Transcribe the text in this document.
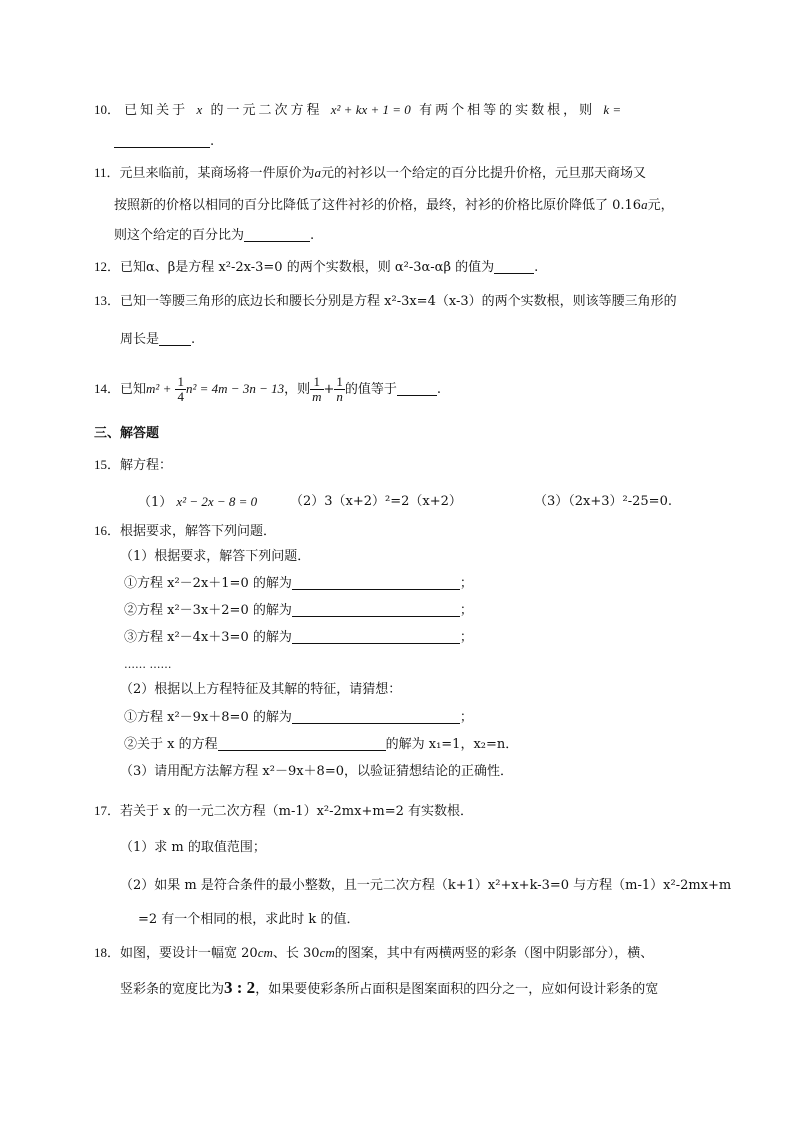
10． 已知关于 x 的一元二次方程 x² + kx + 1 = 0 有两个相等的实数根，则 k =
.
11．元旦来临前，某商场将一件原价为a元的衬衫以一个给定的百分比提升价格，元旦那天商场又
按照新的价格以相同的百分比降低了这件衬衫的价格，最终，衬衫的价格比原价降低了 0.16a元，
则这个给定的百分比为	.
12．已知α、β是方程 x²-2x-3=0 的两个实数根，则 α²-3α-αβ 的值为	.
13．已知一等腰三角形的底边长和腰长分别是方程 x²-3x=4（x-3）的两个实数根，则该等腰三角形的
周长是 .
14．已知$m^2 + \frac{1}{4} n^2 = 4m - 3n - 13$，则 $\frac{1}{m} + \frac{1}{n}$ 的值等于	.
三、解答题
15．解方程：
（1） x² − 2x − 8 = 0	（2）3（x+2）²=2（x+2）	（3）（2x+3）²-25=0.
16．根据要求，解答下列问题．
（1）根据要求，解答下列问题．
①方程 x²－2x＋1=0 的解为	；
②方程 x²－3x＋2=0 的解为	；
③方程 x²－4x＋3=0 的解为	；
…… ……
（2）根据以上方程特征及其解的特征，请猜想：
①方程 x²－9x＋8=0 的解为	；
②关于 x 的方程	的解为 x₁=1，x₂=n．
（3）请用配方法解方程 x²－9x＋8=0，以验证猜想结论的正确性．
17．若关于 x 的一元二次方程（m-1）x²-2mx+m=2 有实数根．
（1）求 m 的取值范围；
（2）如果 m 是符合条件的最小整数，且一元二次方程（k+1）x²+x+k-3=0 与方程（m-1）x²-2mx+m
=2 有一个相同的根，求此时 k 的值．
18．如图，要设计一幅宽 20cm、长 30cm的图案，其中有两横两竖的彩条（图中阴影部分），横、
竖彩条的宽度比为3 : 2，如果要使彩条所占面积是图案面积的四分之一，应如何设计彩条的宽
